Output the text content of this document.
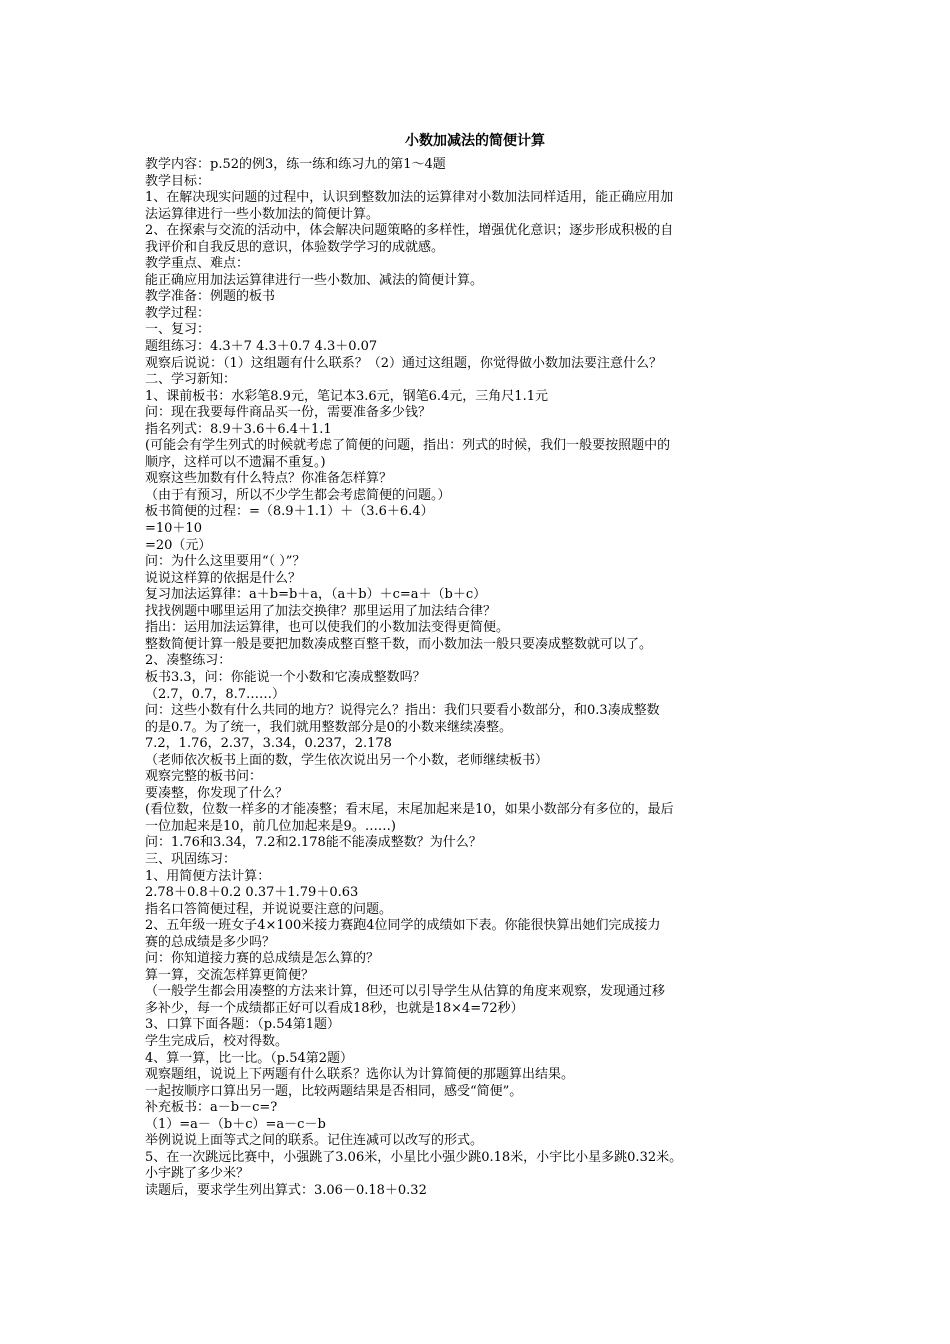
小数加减法的简便计算
教学内容：p.52的例3，练一练和练习九的第1～4题
教学目标：
1、在解决现实问题的过程中，认识到整数加法的运算律对小数加法同样适用，能正确应用加
法运算律进行一些小数加法的简便计算。
2、在探索与交流的活动中，体会解决问题策略的多样性，增强优化意识；逐步形成积极的自
我评价和自我反思的意识，体验数学学习的成就感。
教学重点、难点：
能正确应用加法运算律进行一些小数加、减法的简便计算。
教学准备：例题的板书
教学过程：
一、复习：
题组练习：4.3＋7 4.3＋0.7 4.3＋0.07
观察后说说：（1）这组题有什么联系？（2）通过这组题，你觉得做小数加法要注意什么？
二、学习新知：
1、课前板书：水彩笔8.9元，笔记本3.6元，钢笔6.4元，三角尺1.1元
问：现在我要每件商品买一份，需要准备多少钱？
指名列式：8.9＋3.6＋6.4＋1.1
(可能会有学生列式的时候就考虑了简便的问题，指出：列式的时候，我们一般要按照题中的
顺序，这样可以不遗漏不重复。)
观察这些加数有什么特点？你准备怎样算？
（由于有预习，所以不少学生都会考虑简便的问题。）
板书简便的过程：=（8.9＋1.1）＋（3.6＋6.4）
=10＋10
=20（元）
问：为什么这里要用“（ ）”？
说说这样算的依据是什么？
复习加法运算律：a＋b=b＋a，（a＋b）＋c=a＋（b＋c）
找找例题中哪里运用了加法交换律？那里运用了加法结合律？
指出：运用加法运算律，也可以使我们的小数加法变得更简便。
整数简便计算一般是要把加数凑成整百整千数，而小数加法一般只要凑成整数就可以了。
2、凑整练习：
板书3.3，问：你能说一个小数和它凑成整数吗？
（2.7，0.7，8.7……）
问：这些小数有什么共同的地方？说得完么？指出：我们只要看小数部分，和0.3凑成整数
的是0.7。为了统一，我们就用整数部分是0的小数来继续凑整。
7.2，1.76，2.37，3.34，0.237，2.178
（老师依次板书上面的数，学生依次说出另一个小数，老师继续板书）
观察完整的板书问：
要凑整，你发现了什么？
(看位数，位数一样多的才能凑整；看末尾，末尾加起来是10，如果小数部分有多位的，最后
一位加起来是10，前几位加起来是9。……)
问：1.76和3.34，7.2和2.178能不能凑成整数？为什么？
三、巩固练习：
1、用简便方法计算：
2.78＋0.8＋0.2 0.37＋1.79＋0.63
指名口答简便过程，并说说要注意的问题。
2、五年级一班女子4×100米接力赛跑4位同学的成绩如下表。你能很快算出她们完成接力
赛的总成绩是多少吗？
问：你知道接力赛的总成绩是怎么算的？
算一算，交流怎样算更简便？
（一般学生都会用凑整的方法来计算，但还可以引导学生从估算的角度来观察，发现通过移
多补少，每一个成绩都正好可以看成18秒，也就是18×4=72秒）
3、口算下面各题：（p.54第1题）
学生完成后，校对得数。
4、算一算，比一比。（p.54第2题）
观察题组，说说上下两题有什么联系？选你认为计算简便的那题算出结果。
一起按顺序口算出另一题，比较两题结果是否相同，感受“简便”。
补充板书：a－b－c=?
（1）=a－（b＋c）=a－c－b
举例说说上面等式之间的联系。记住连减可以改写的形式。
5、在一次跳远比赛中，小强跳了3.06米，小星比小强少跳0.18米，小宇比小星多跳0.32米。
小宇跳了多少米？
读题后，要求学生列出算式：3.06－0.18＋0.32
